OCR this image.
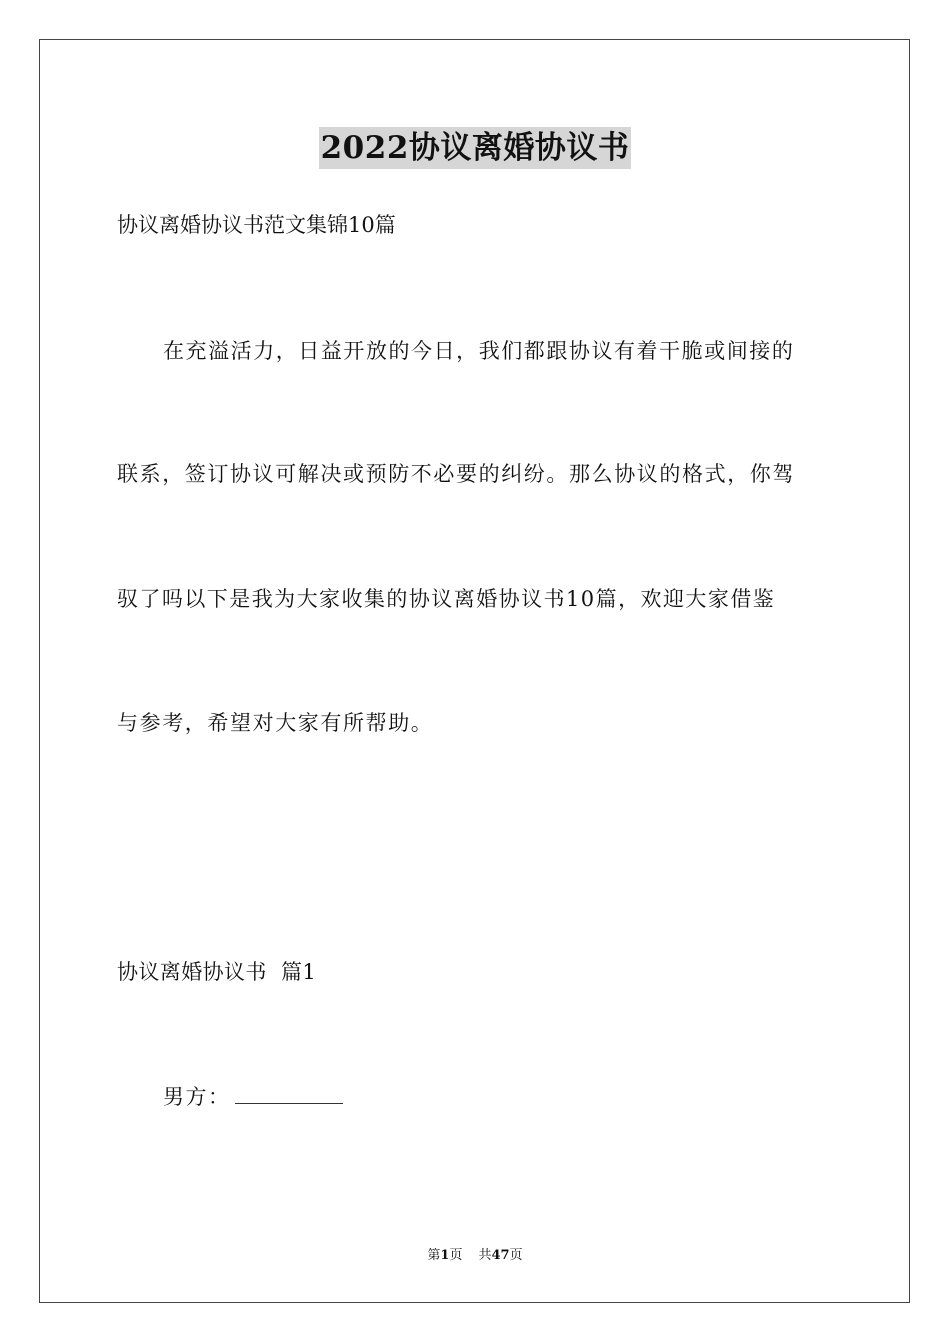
2022协议离婚协议书
协议离婚协议书范文集锦10篇
在充溢活力，日益开放的今日，我们都跟协议有着干脆或间接的
联系，签订协议可解决或预防不必要的纠纷。那么协议的格式，你驾
驭了吗以下是我为大家收集的协议离婚协议书10篇，欢迎大家借鉴
与参考，希望对大家有所帮助。
协议离婚协议书  篇1
男方：
第1页 共47页
